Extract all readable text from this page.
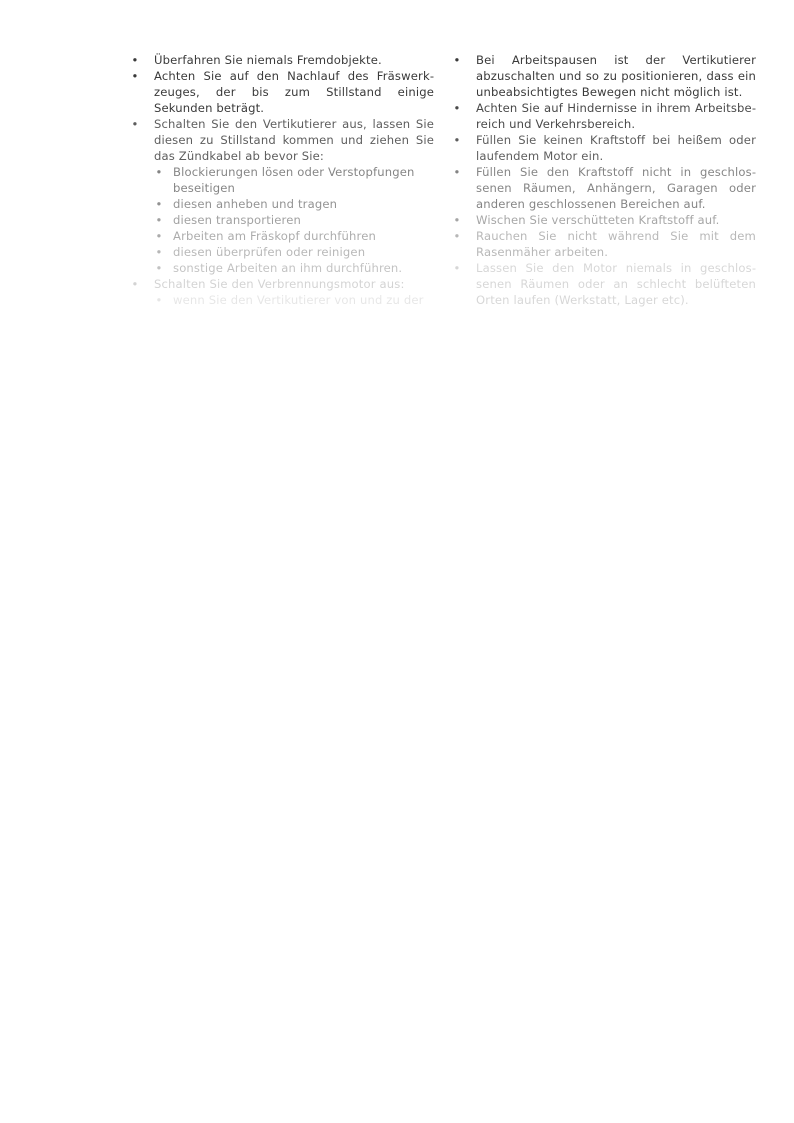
• Überfahren Sie niemals Fremdobjekte.
• Achten Sie auf den Nachlauf des Fräswerkzeuges, der bis zum Stillstand einige Sekunden beträgt.
• Schalten Sie den Vertikutierer aus, lassen Sie diesen zu Stillstand kommen und ziehen Sie das Zündkabel ab bevor Sie:
• Blockierungen lösen oder Verstopfungen beseitigen
• diesen anheben und tragen
• diesen transportieren
• Arbeiten am Fräskopf durchführen
• diesen überprüfen oder reinigen
• sonstige Arbeiten an ihm durchführen.
• Schalten Sie den Verbrennungsmotor aus:
• wenn Sie den Vertikutierer von und zu der
• Bei Arbeitspausen ist der Vertikutierer abzuschalten und so zu positionieren, dass ein unbeabsichtigtes Bewegen nicht möglich ist.
• Achten Sie auf Hindernisse in ihrem Arbeitsbereich und Verkehrsbereich.
• Füllen Sie keinen Kraftstoff bei heißem oder laufendem Motor ein.
• Füllen Sie den Kraftstoff nicht in geschlossenen Räumen, Anhängern, Garagen oder anderen geschlossenen Bereichen auf.
• Wischen Sie verschütteten Kraftstoff auf.
• Rauchen Sie nicht während Sie mit dem Rasenmäher arbeiten.
• Lassen Sie den Motor niemals in geschlossenen Räumen oder an schlecht belüfteten Orten laufen (Werkstatt, Lager etc).
